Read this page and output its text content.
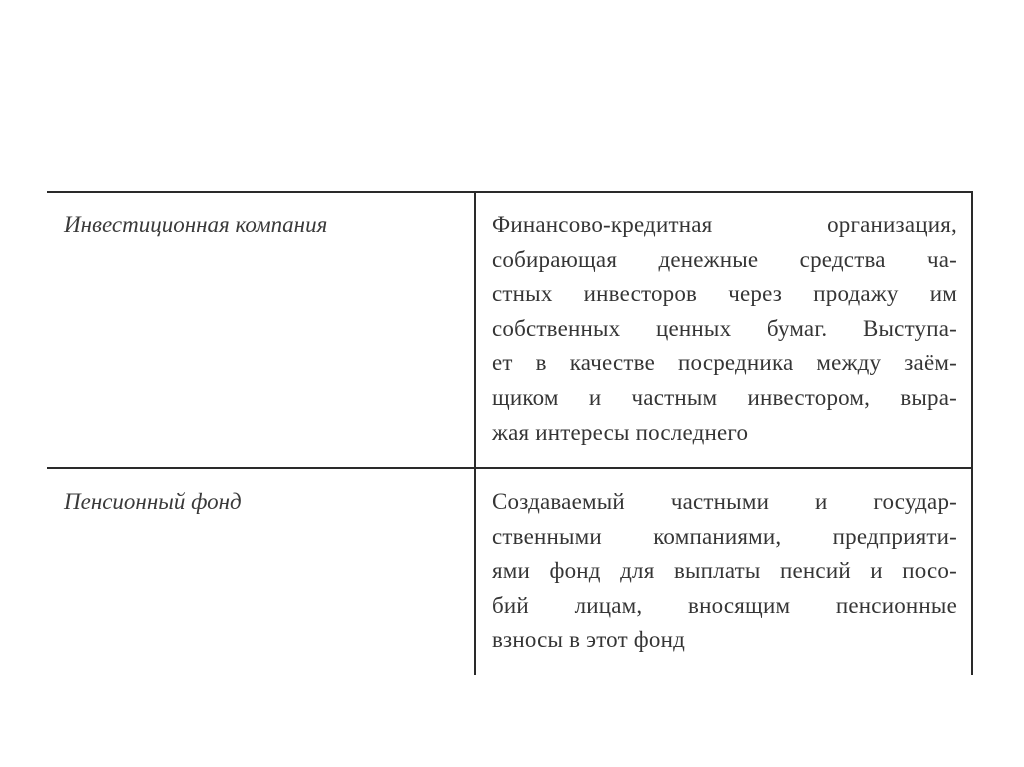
Инвестиционная компания	Финансово-кредитная организация,
собирающая денежные средства ча-
стных инвесторов через продажу им
собственных ценных бумаг. Выступа-
ет в качестве посредника между заём-
щиком и частным инвестором, выра-
жая интересы последнего
Пенсионный фонд	Создаваемый частными и государ-
ственными компаниями, предприяти-
ями фонд для выплаты пенсий и посо-
бий лицам, вносящим пенсионные
взносы в этот фонд
